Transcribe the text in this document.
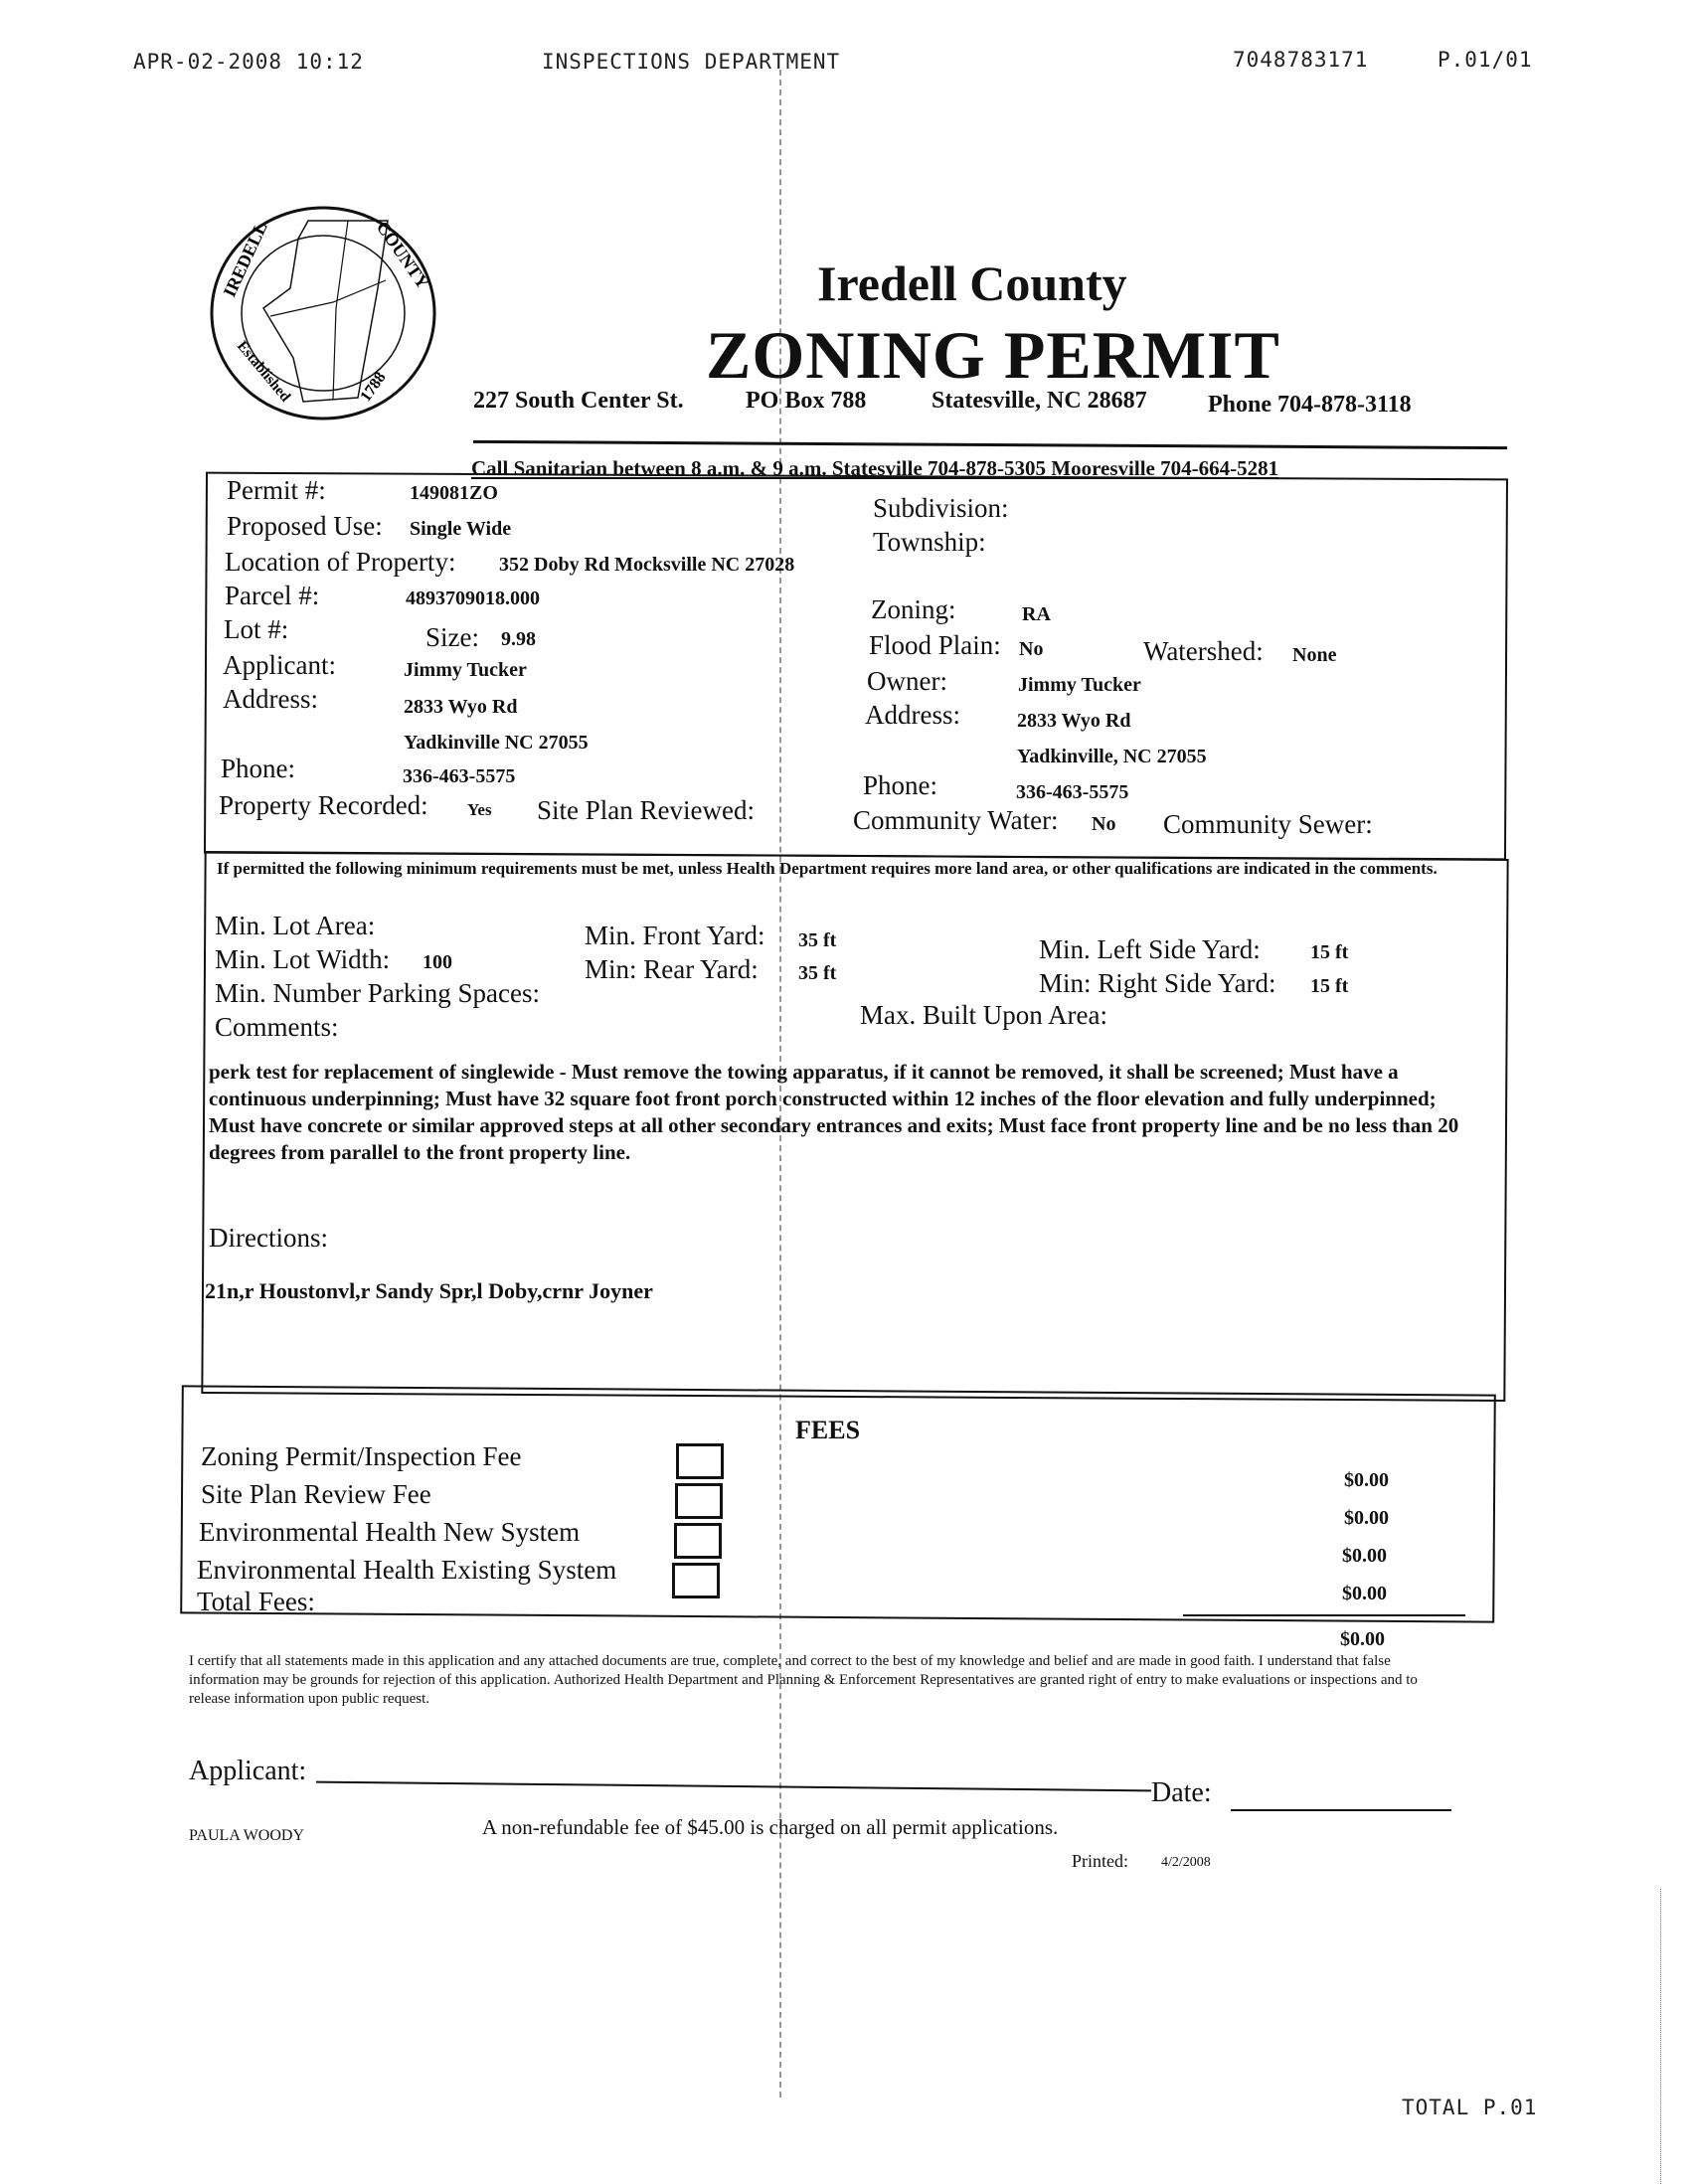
APR-02-2008 10:12	INSPECTIONS DEPARTMENT	7048783171	P.01/01
IREDELL	COUNTY
Established	1788
Iredell County
ZONING PERMIT
227 South Center St.	PO Box 788	Statesville, NC 28687	Phone 704-878-3118
Call Sanitarian between 8 a.m. & 9 a.m. Statesville 704-878-5305 Mooresville 704-664-5281
Permit #:	149081ZO
Proposed Use: Single Wide
Location of Property: 352 Doby Rd Mocksville NC 27028
Parcel #:	4893709018.000
Lot #:	Size: 9.98
Applicant:	Jimmy Tucker
Address:	2833 Wyo Rd
Yadkinville NC 27055
Phone:	336-463-5575
Property Recorded: Yes Site Plan Reviewed:
Subdivision:
Township:
Zoning:	RA
Flood Plain: No	Watershed: None
Owner:	Jimmy Tucker
Address:	2833 Wyo Rd
Yadkinville, NC 27055
Phone:	336-463-5575
Community Water: No Community Sewer:
If permitted the following minimum requirements must be met, unless Health Department requires more land area, or other qualifications are indicated in the comments.
Min. Lot Area:
Min. Lot Width: 100
Min. Number Parking Spaces:
Comments:
Min. Front Yard: 35 ft
Min: Rear Yard: 35 ft
Min. Left Side Yard:	15 ft
Min: Right Side Yard: 15 ft
Max. Built Upon Area:
perk test for replacement of singlewide - Must remove the towing apparatus, if it cannot be removed, it shall be screened; Must have a continuous underpinning; Must have 32 square foot front porch constructed within 12 inches of the floor elevation and fully underpinned; Must have concrete or similar approved steps at all other secondary entrances and exits; Must face front property line and be no less than 20 degrees from parallel to the front property line.
Directions:
21n,r Houstonvl,r Sandy Spr,l Doby,crnr Joyner
FEES
Zoning Permit/Inspection Fee
$0.00
Site Plan Review Fee
$0.00
Environmental Health New System
$0.00
Environmental Health Existing System
$0.00
Total Fees:
$0.00
I certify that all statements made in this application and any attached documents are true, complete, and correct to the best of my knowledge and belief and are made in good faith. I understand that false information may be grounds for rejection of this application. Authorized Health Department and Planning & Enforcement Representatives are granted right of entry to make evaluations or inspections and to release information upon public request.
Applicant:
Date:
A non-refundable fee of $45.00 is charged on all permit applications.
PAULA WOODY
Printed: 4/2/2008
TOTAL P.01
